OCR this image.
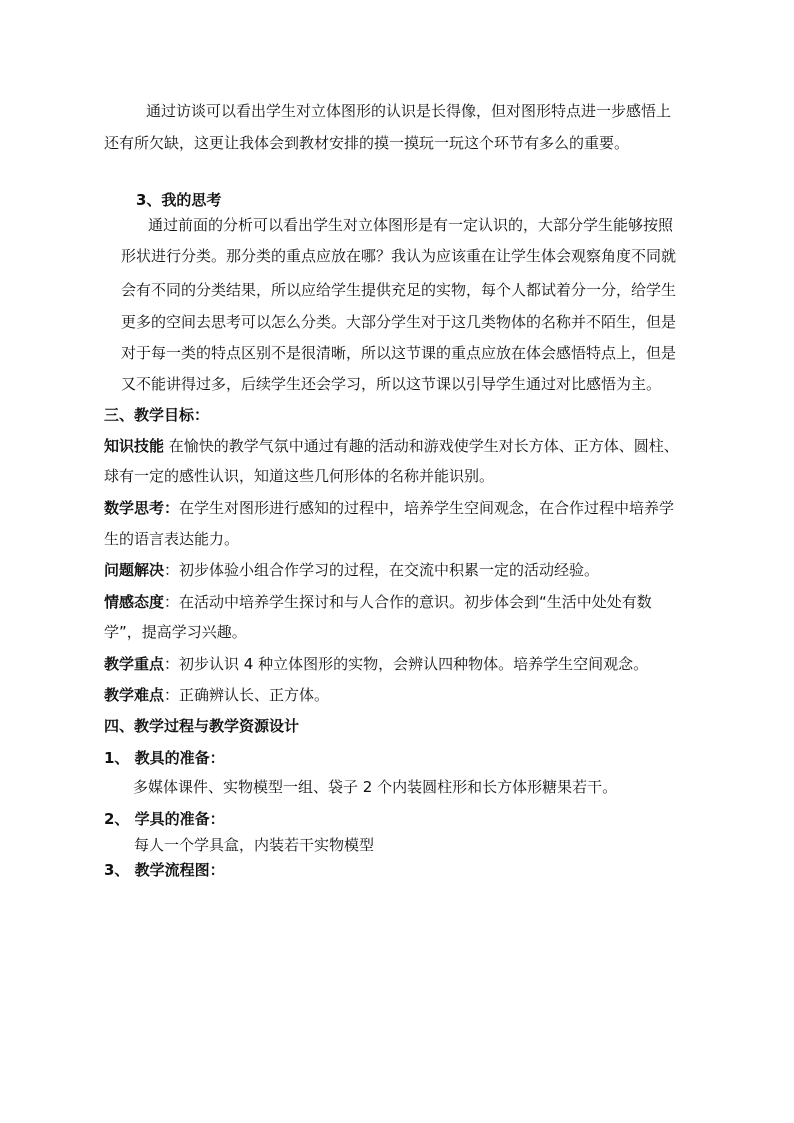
通过访谈可以看出学生对立体图形的认识是长得像，但对图形特点进一步感悟上
还有所欠缺，这更让我体会到教材安排的摸一摸玩一玩这个环节有多么的重要。
3、我的思考
通过前面的分析可以看出学生对立体图形是有一定认识的，大部分学生能够按照
形状进行分类。那分类的重点应放在哪？我认为应该重在让学生体会观察角度不同就
会有不同的分类结果，所以应给学生提供充足的实物，每个人都试着分一分，给学生
更多的空间去思考可以怎么分类。大部分学生对于这几类物体的名称并不陌生，但是
对于每一类的特点区别不是很清晰，所以这节课的重点应放在体会感悟特点上，但是
又不能讲得过多，后续学生还会学习，所以这节课以引导学生通过对比感悟为主。
三、教学目标：
知识技能 在愉快的教学气氛中通过有趣的活动和游戏使学生对长方体、正方体、圆柱、
球有一定的感性认识，知道这些几何形体的名称并能识别。
数学思考：在学生对图形进行感知的过程中，培养学生空间观念，在合作过程中培养学
生的语言表达能力。
问题解决：初步体验小组合作学习的过程，在交流中积累一定的活动经验。
情感态度：在活动中培养学生探讨和与人合作的意识。初步体会到“生活中处处有数
学”，提高学习兴趣。
教学重点：初步认识 4 种立体图形的实物，会辨认四种物体。培养学生空间观念。
教学难点：正确辨认长、正方体。
四、教学过程与教学资源设计
1、 教具的准备：
多媒体课件、实物模型一组、袋子 2 个内装圆柱形和长方体形糖果若干。
2、 学具的准备：
每人一个学具盒，内装若干实物模型
3、 教学流程图：
